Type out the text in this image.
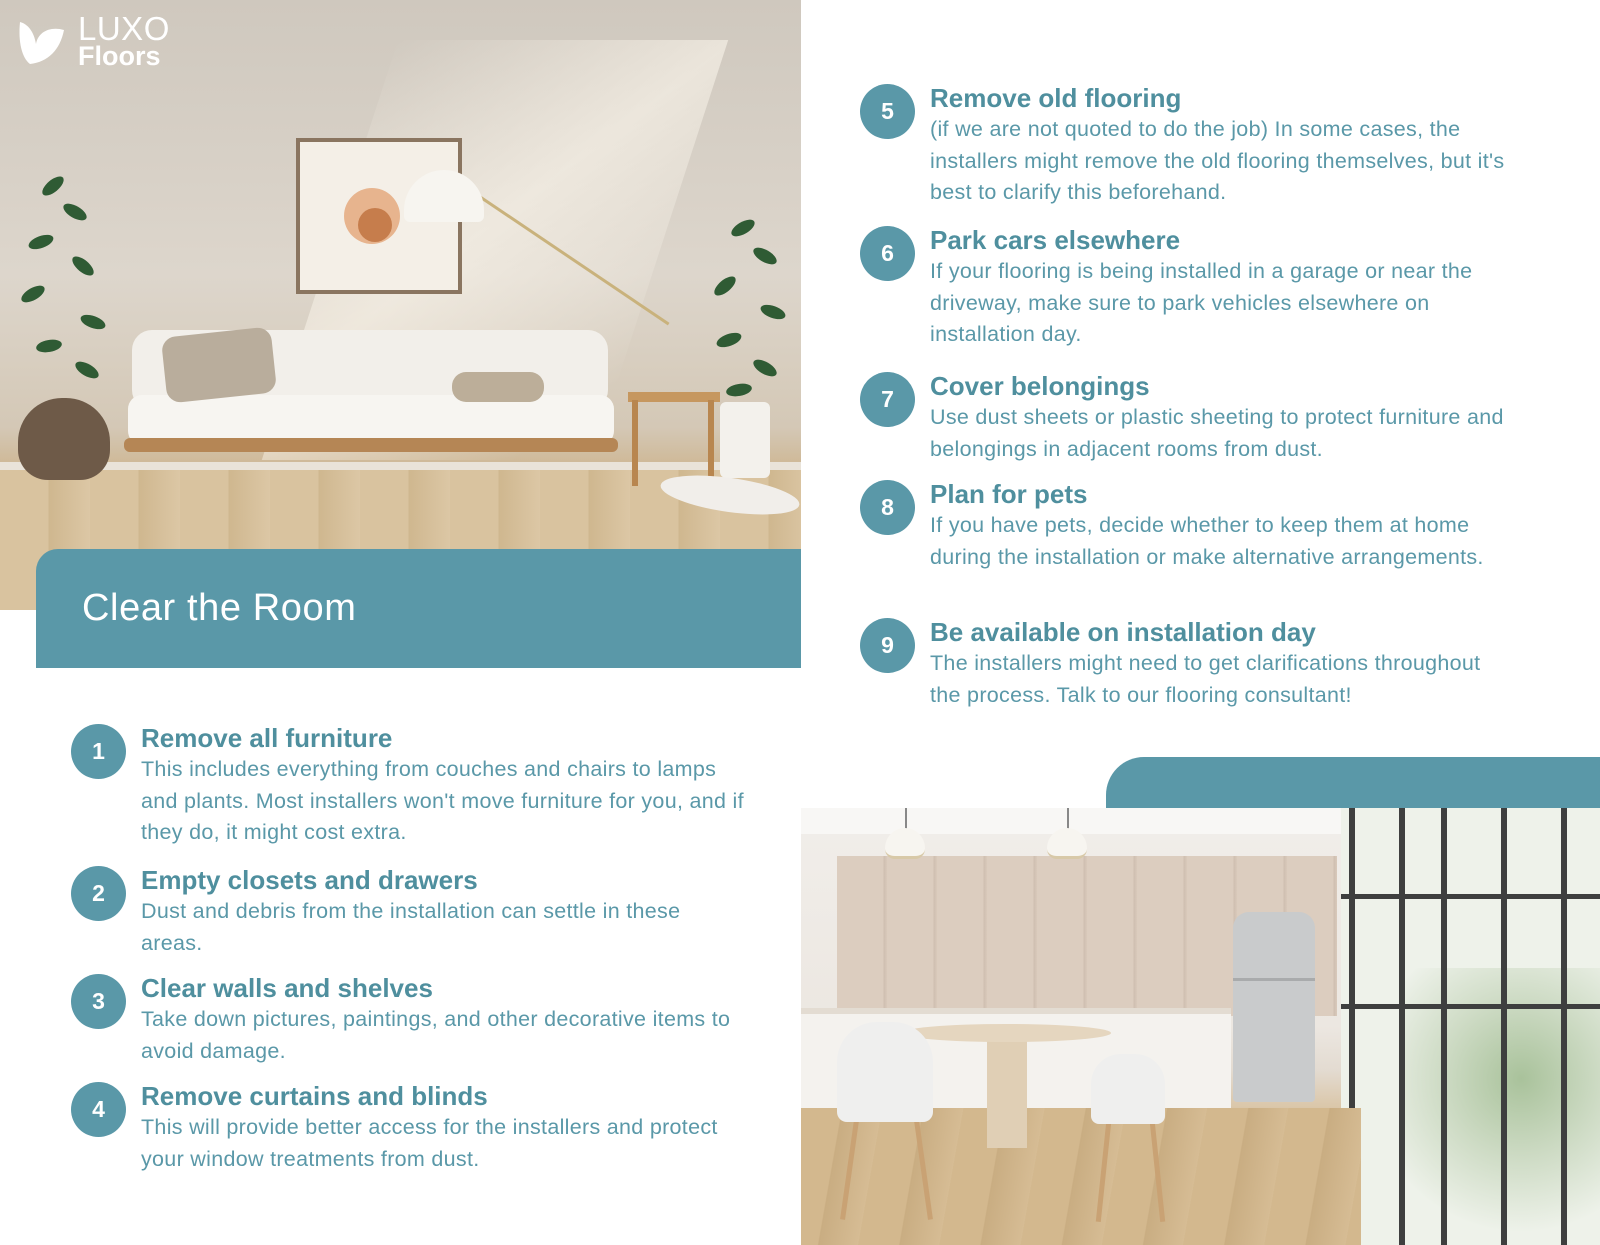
LUXO
Floors
Clear the Room
1	Remove all furniture
This includes everything from couches and chairs to lamps and plants. Most installers won't move furniture for you, and if they do, it might cost extra.
2	Empty closets and drawers
Dust and debris from the installation can settle in these areas.
3	Clear walls and shelves
Take down pictures, paintings, and other decorative items to avoid damage.
4	Remove curtains and blinds
This will provide better access for the installers and protect your window treatments from dust.
5	Remove old flooring
(if we are not quoted to do the job) In some cases, the installers might remove the old flooring themselves, but it's best to clarify this beforehand.
6	Park cars elsewhere
If your flooring is being installed in a garage or near the driveway, make sure to park vehicles elsewhere on installation day.
7	Cover belongings
Use dust sheets or plastic sheeting to protect furniture and belongings in adjacent rooms from dust.
8	Plan for pets
If you have pets, decide whether to keep them at home during the installation or make alternative arrangements.
9	Be available on installation day
The installers might need to get clarifications throughout the process. Talk to our flooring consultant!
